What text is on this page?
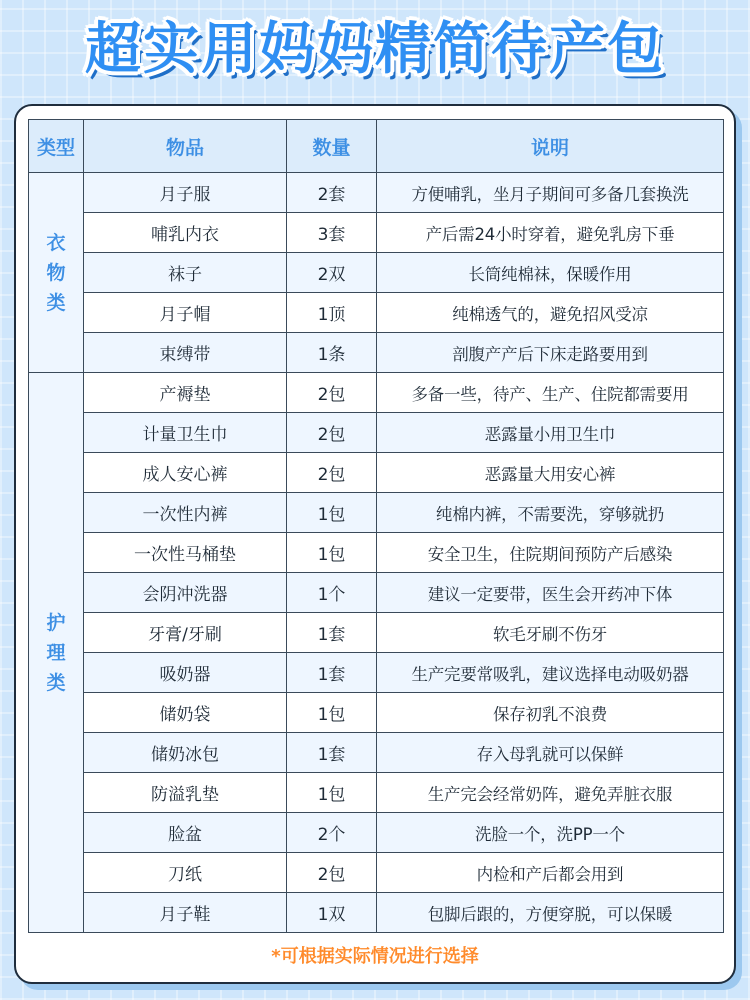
超实用妈妈精简待产包
类型	物品	数量	说明

衣
物
类	月子服	2套	方便哺乳，坐月子期间可多备几套换洗
	哺乳内衣	3套	产后需24小时穿着，避免乳房下垂
	袜子	2双	长筒纯棉袜，保暖作用
	月子帽	1顶	纯棉透气的，避免招风受凉
	束缚带	1条	剖腹产产后下床走路要用到

护
理
类	产褥垫	2包	多备一些，待产、生产、住院都需要用
	计量卫生巾	2包	恶露量小用卫生巾
	成人安心裤	2包	恶露量大用安心裤
	一次性内裤	1包	纯棉内裤，不需要洗，穿够就扔
	一次性马桶垫	1包	安全卫生，住院期间预防产后感染
	会阴冲洗器	1个	建议一定要带，医生会开药冲下体
	牙膏/牙刷	1套	软毛牙刷不伤牙
	吸奶器	1套	生产完要常吸乳，建议选择电动吸奶器
	储奶袋	1包	保存初乳不浪费
	储奶冰包	1套	存入母乳就可以保鲜
	防溢乳垫	1包	生产完会经常奶阵，避免弄脏衣服
	脸盆	2个	洗脸一个，洗PP一个
	刀纸	2包	内检和产后都会用到
	月子鞋	1双	包脚后跟的，方便穿脱，可以保暖
*可根据实际情况进行选择
